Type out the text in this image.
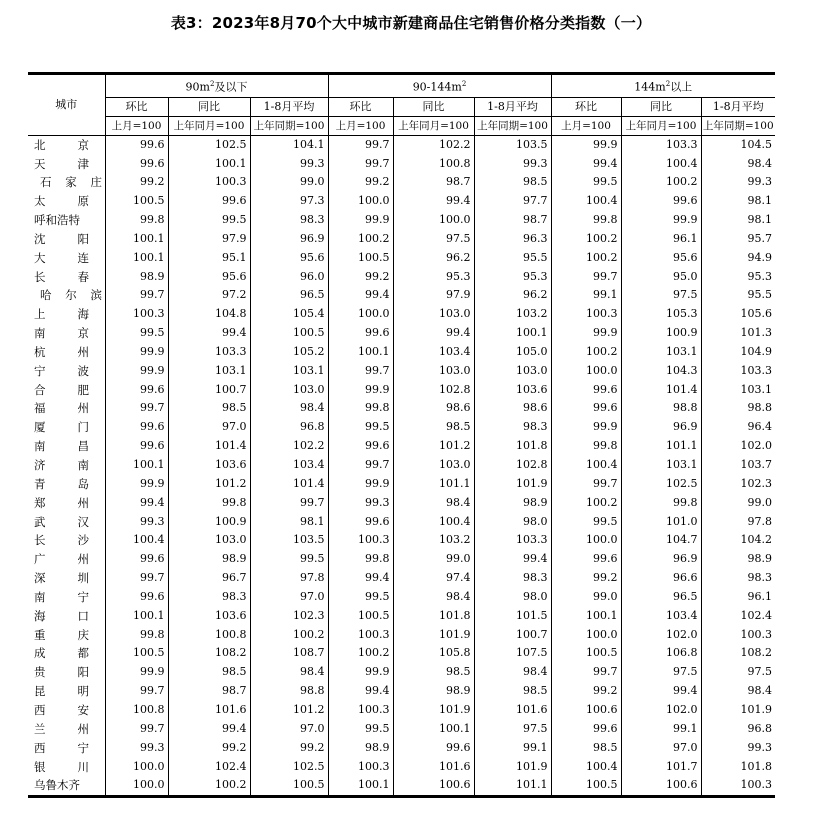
表3：2023年8月70个大中城市新建商品住宅销售价格分类指数（一）
城市	$90m^2$及以下			$90-144m^2$			$144m^2$以上		
	环比	同比	1-8月平均	环比	同比	1-8月平均	环比	同比	1-8月平均
	上月=100	上年同月=100	上年同期=100	上月=100	上年同月=100	上年同期=100	上月=100	上年同月=100	上年同期=100

北 京	99.6	102.5	104.1	99.7	102.2	103.5	99.9	103.3	104.5

天 津	99.6	100.1	99.3	99.7	100.8	99.3	99.4	100.4	98.4

石 家 庄	99.2	100.3	99.0	99.2	98.7	98.5	99.5	100.2	99.3

太 原	100.5	99.6	97.3	100.0	99.4	97.7	100.4	99.6	98.1
呼和浩特	99.8	99.5	98.3	99.9	100.0	98.7	99.8	99.9	98.1

沈 阳	100.1	97.9	96.9	100.2	97.5	96.3	100.2	96.1	95.7

大 连	100.1	95.1	95.6	100.5	96.2	95.5	100.2	95.6	94.9

长 春	98.9	95.6	96.0	99.2	95.3	95.3	99.7	95.0	95.3

哈 尔 滨	99.7	97.2	96.5	99.4	97.9	96.2	99.1	97.5	95.5

上 海	100.3	104.8	105.4	100.0	103.0	103.2	100.3	105.3	105.6

南 京	99.5	99.4	100.5	99.6	99.4	100.1	99.9	100.9	101.3

杭 州	99.9	103.3	105.2	100.1	103.4	105.0	100.2	103.1	104.9

宁 波	99.9	103.1	103.1	99.7	103.0	103.0	100.0	104.3	103.3

合 肥	99.6	100.7	103.0	99.9	102.8	103.6	99.6	101.4	103.1

福 州	99.7	98.5	98.4	99.8	98.6	98.6	99.6	98.8	98.8

厦 门	99.6	97.0	96.8	99.5	98.5	98.3	99.9	96.9	96.4

南 昌	99.6	101.4	102.2	99.6	101.2	101.8	99.8	101.1	102.0

济 南	100.1	103.6	103.4	99.7	103.0	102.8	100.4	103.1	103.7

青 岛	99.9	101.2	101.4	99.9	101.1	101.9	99.7	102.5	102.3

郑 州	99.4	99.8	99.7	99.3	98.4	98.9	100.2	99.8	99.0

武 汉	99.3	100.9	98.1	99.6	100.4	98.0	99.5	101.0	97.8

长 沙	100.4	103.0	103.5	100.3	103.2	103.3	100.0	104.7	104.2

广 州	99.6	98.9	99.5	99.8	99.0	99.4	99.6	96.9	98.9

深 圳	99.7	96.7	97.8	99.4	97.4	98.3	99.2	96.6	98.3

南 宁	99.6	98.3	97.0	99.5	98.4	98.0	99.0	96.5	96.1

海 口	100.1	103.6	102.3	100.5	101.8	101.5	100.1	103.4	102.4

重 庆	99.8	100.8	100.2	100.3	101.9	100.7	100.0	102.0	100.3

成 都	100.5	108.2	108.7	100.2	105.8	107.5	100.5	106.8	108.2

贵 阳	99.9	98.5	98.4	99.9	98.5	98.4	99.7	97.5	97.5

昆 明	99.7	98.7	98.8	99.4	98.9	98.5	99.2	99.4	98.4

西 安	100.8	101.6	101.2	100.3	101.9	101.6	100.6	102.0	101.9

兰 州	99.7	99.4	97.0	99.5	100.1	97.5	99.6	99.1	96.8

西 宁	99.3	99.2	99.2	98.9	99.6	99.1	98.5	97.0	99.3

银 川	100.0	102.4	102.5	100.3	101.6	101.9	100.4	101.7	101.8
乌鲁木齐	100.0	100.2	100.5	100.1	100.6	101.1	100.5	100.6	100.3
